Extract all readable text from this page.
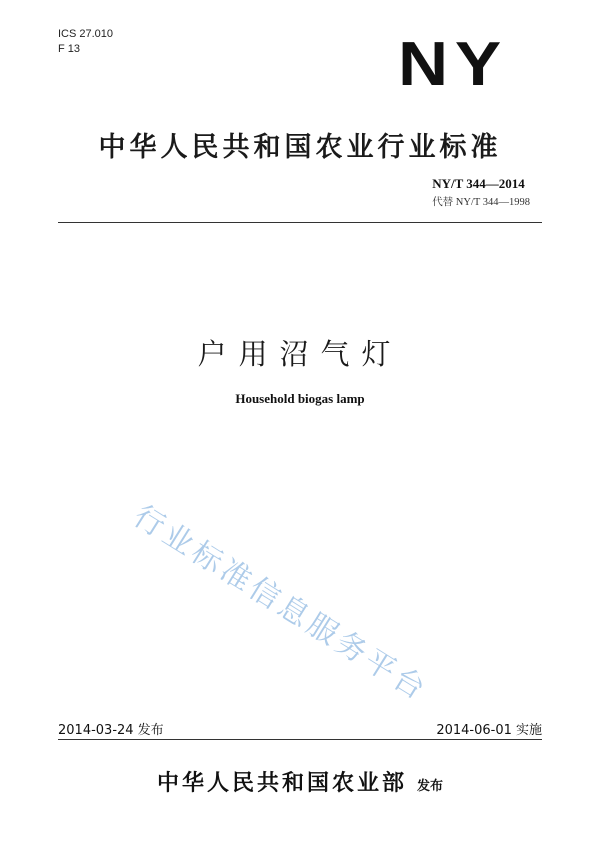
ICS 27.010
F 13	NY
中华人民共和国农业行业标准
NY/T 344—2014
代替 NY/T 344—1998
户用沼气灯
Household biogas lamp
行业标准信息服务平台
2014-03-24 发布	2014-06-01 实施
中华人民共和国农业部 发布
